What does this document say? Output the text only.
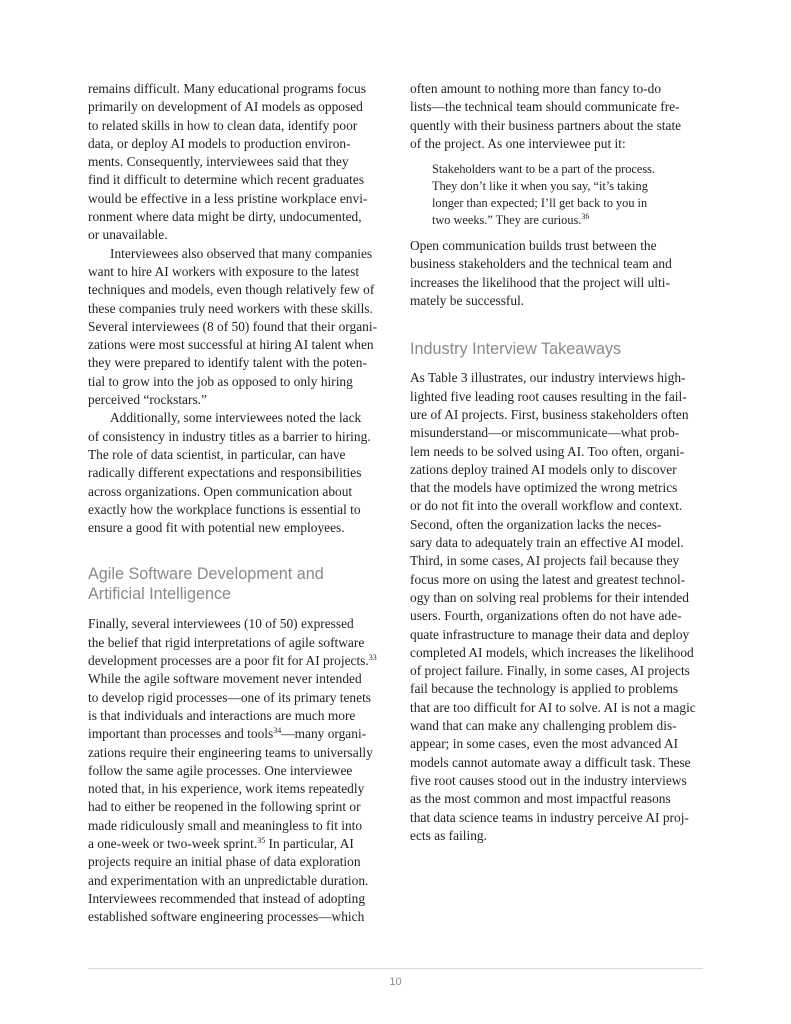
remains difficult. Many educational programs focus
primarily on development of AI models as opposed
to related skills in how to clean data, identify poor
data, or deploy AI models to production environ-
ments. Consequently, interviewees said that they
find it difficult to determine which recent graduates
would be effective in a less pristine workplace envi-
ronment where data might be dirty, undocumented,
or unavailable.

Interviewees also observed that many companies
want to hire AI workers with exposure to the latest
techniques and models, even though relatively few of
these companies truly need workers with these skills.
Several interviewees (8 of 50) found that their organi-
zations were most successful at hiring AI talent when
they were prepared to identify talent with the poten-
tial to grow into the job as opposed to only hiring
perceived “rockstars.”

Additionally, some interviewees noted the lack
of consistency in industry titles as a barrier to hiring.
The role of data scientist, in particular, can have
radically different expectations and responsibilities
across organizations. Open communication about
exactly how the workplace functions is essential to
ensure a good fit with potential new employees.

Agile Software Development and
Artificial Intelligence

Finally, several interviewees (10 of 50) expressed
the belief that rigid interpretations of agile software
development processes are a poor fit for AI projects.$^{33}$
While the agile software movement never intended
to develop rigid processes—one of its primary tenets
is that individuals and interactions are much more
important than processes and tools$^{34}$—many organi-
zations require their engineering teams to universally
follow the same agile processes. One interviewee
noted that, in his experience, work items repeatedly
had to either be reopened in the following sprint or
made ridiculously small and meaningless to fit into
a one-week or two-week sprint.$^{35}$ In particular, AI
projects require an initial phase of data exploration
and experimentation with an unpredictable duration.
Interviewees recommended that instead of adopting
established software engineering processes—which

often amount to nothing more than fancy to-do
lists—the technical team should communicate fre-
quently with their business partners about the state
of the project. As one interviewee put it:

Stakeholders want to be a part of the process.
They don’t like it when you say, “it’s taking
longer than expected; I’ll get back to you in
two weeks.” They are curious.$^{36}$

Open communication builds trust between the
business stakeholders and the technical team and
increases the likelihood that the project will ulti-
mately be successful.

Industry Interview Takeaways

As Table 3 illustrates, our industry interviews high-
lighted five leading root causes resulting in the fail-
ure of AI projects. First, business stakeholders often
misunderstand—or miscommunicate—what prob-
lem needs to be solved using AI. Too often, organi-
zations deploy trained AI models only to discover
that the models have optimized the wrong metrics
or do not fit into the overall workflow and context.
Second, often the organization lacks the neces-
sary data to adequately train an effective AI model.
Third, in some cases, AI projects fail because they
focus more on using the latest and greatest technol-
ogy than on solving real problems for their intended
users. Fourth, organizations often do not have ade-
quate infrastructure to manage their data and deploy
completed AI models, which increases the likelihood
of project failure. Finally, in some cases, AI projects
fail because the technology is applied to problems
that are too difficult for AI to solve. AI is not a magic
wand that can make any challenging problem dis-
appear; in some cases, even the most advanced AI
models cannot automate away a difficult task. These
five root causes stood out in the industry interviews
as the most common and most impactful reasons
that data science teams in industry perceive AI proj-
ects as failing.

10
